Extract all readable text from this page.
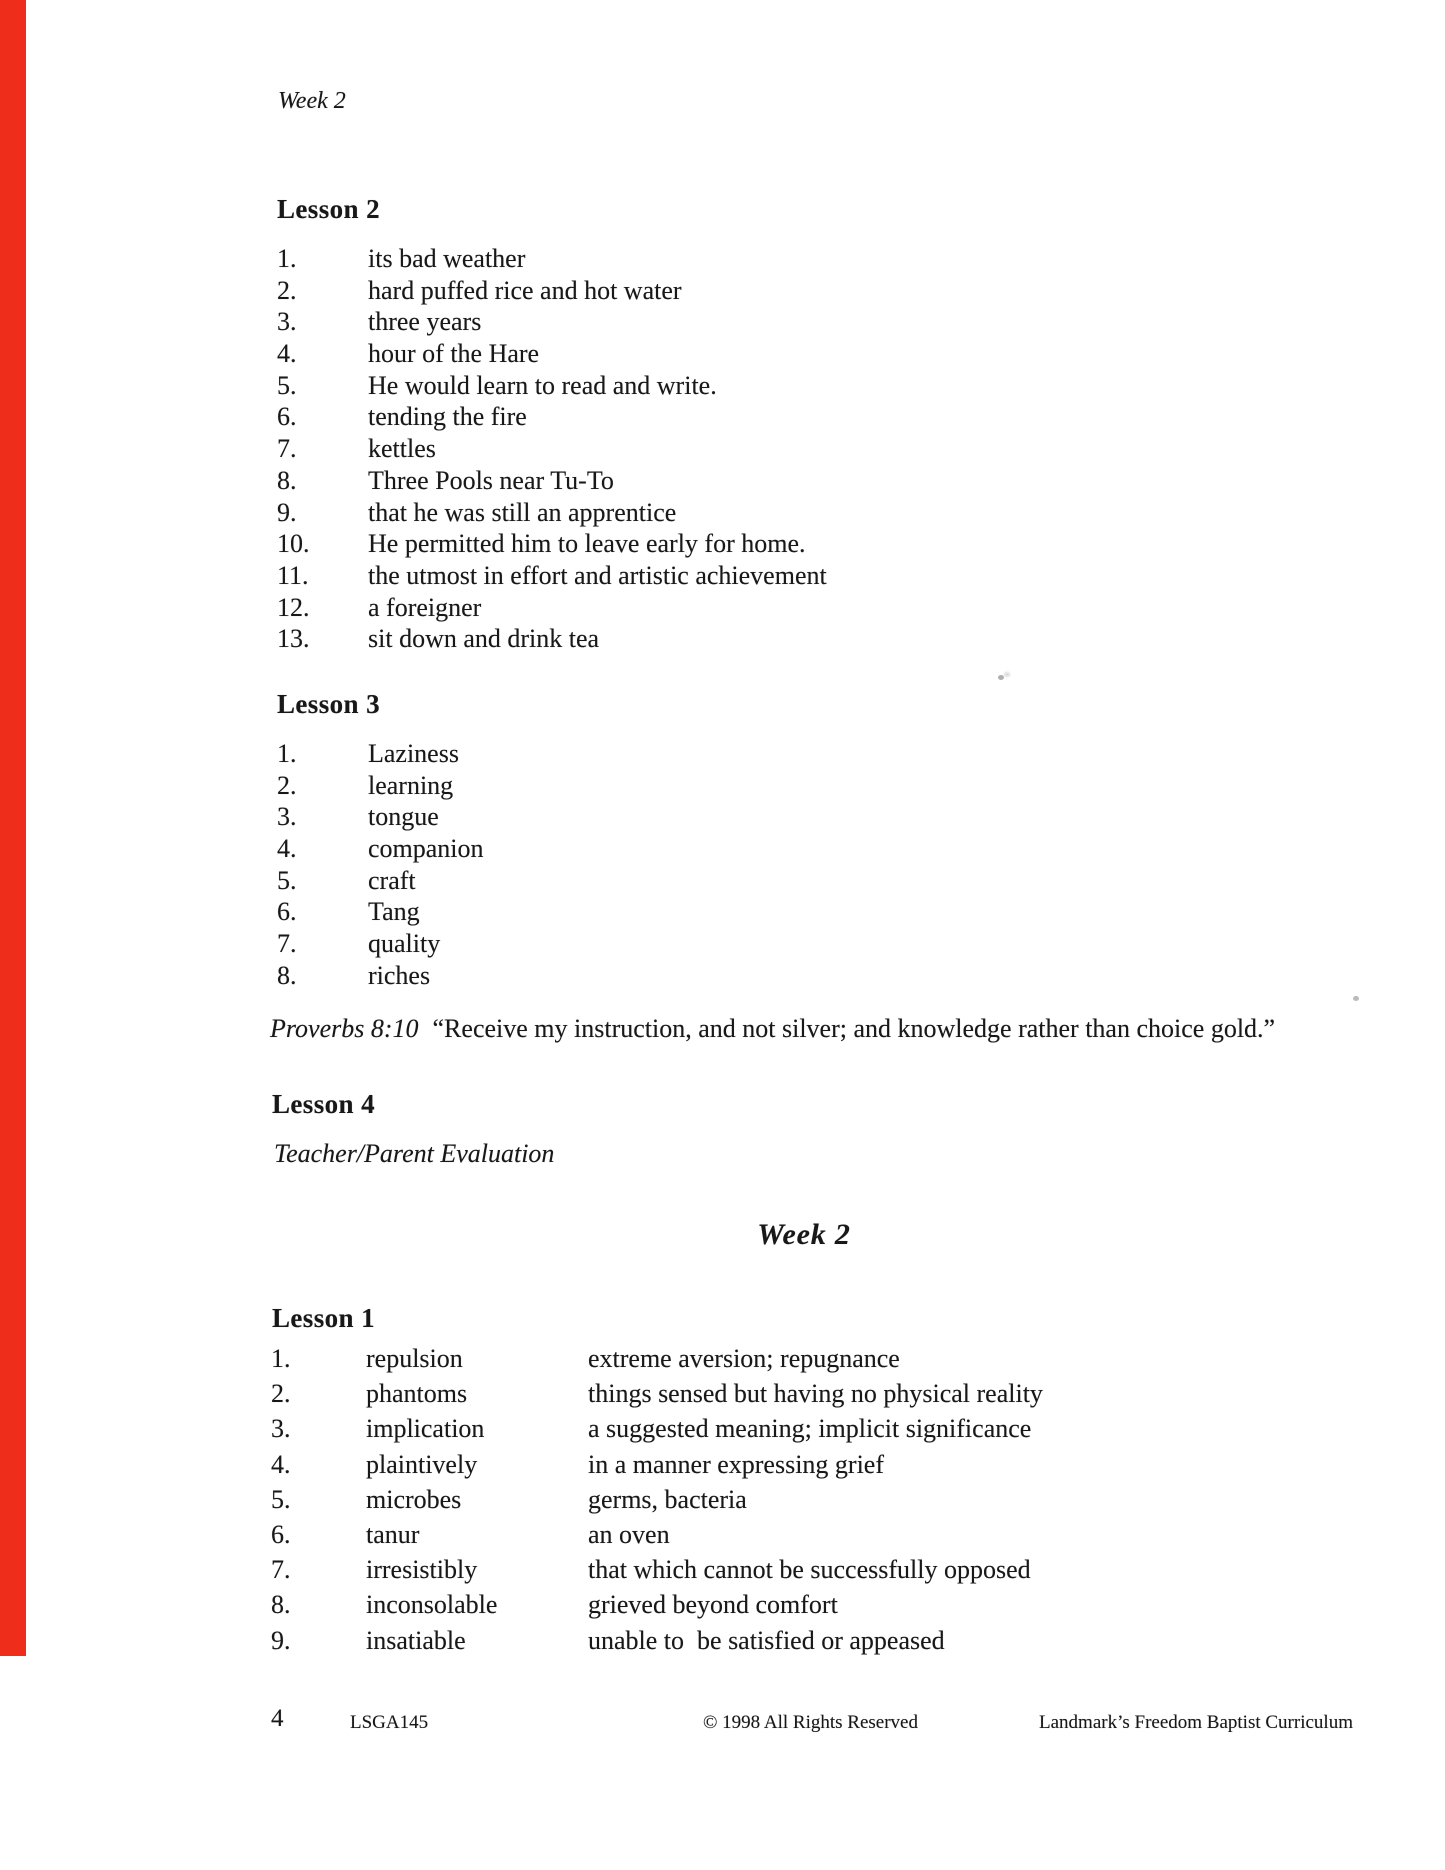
Week 2
Lesson 2
1.	its bad weather
2.	hard puffed rice and hot water
3.	three years
4.	hour of the Hare
5.	He would learn to read and write.
6.	tending the fire
7.	kettles
8.	Three Pools near Tu-To
9.	that he was still an apprentice
10.	He permitted him to leave early for home.
11.	the utmost in effort and artistic achievement
12.	a foreigner
13.	sit down and drink tea
Lesson 3
1.	Laziness
2.	learning
3.	tongue
4.	companion
5.	craft
6.	Tang
7.	quality
8.	riches
Proverbs 8:10 “Receive my instruction, and not silver; and knowledge rather than choice gold.”
Lesson 4
Teacher/Parent Evaluation
Week 2
Lesson 1
1.	repulsion	extreme aversion; repugnance
2.	phantoms	things sensed but having no physical reality
3.	implication	a suggested meaning; implicit significance
4.	plaintively	in a manner expressing grief
5.	microbes	germs, bacteria
6.	tanur	an oven
7.	irresistibly	that which cannot be successfully opposed
8.	inconsolable	grieved beyond comfort
9.	insatiable	unable to  be satisfied or appeased
4	LSGA145	© 1998 All Rights Reserved	Landmark’s Freedom Baptist Curriculum
